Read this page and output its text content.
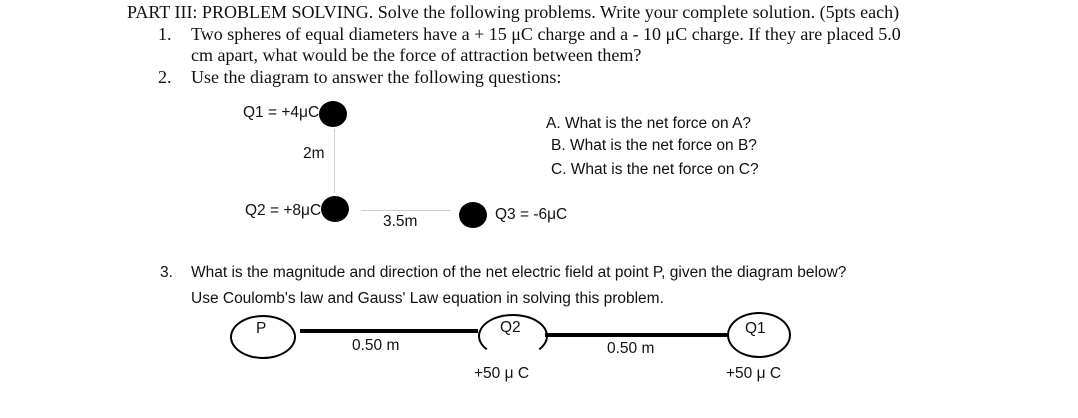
PART III: PROBLEM SOLVING. Solve the following problems. Write your complete solution. (5pts each)
1. Two spheres of equal diameters have a + 15 μC charge and a - 10 μC charge. If they are placed 5.0
cm apart, what would be the force of attraction between them?
2. Use the diagram to answer the following questions:
Q1 = +4μC
2m
Q2 = +8μC
3.5m	Q3 = -6μC
A. What is the net force on A?
B. What is the net force on B?
C. What is the net force on C?
3. What is the magnitude and direction of the net electric field at point P, given the diagram below?
Use Coulomb's law and Gauss' Law equation in solving this problem.
P
0.50 m
Q2
+50 μ C
0.50 m
Q1
+50 μ C
